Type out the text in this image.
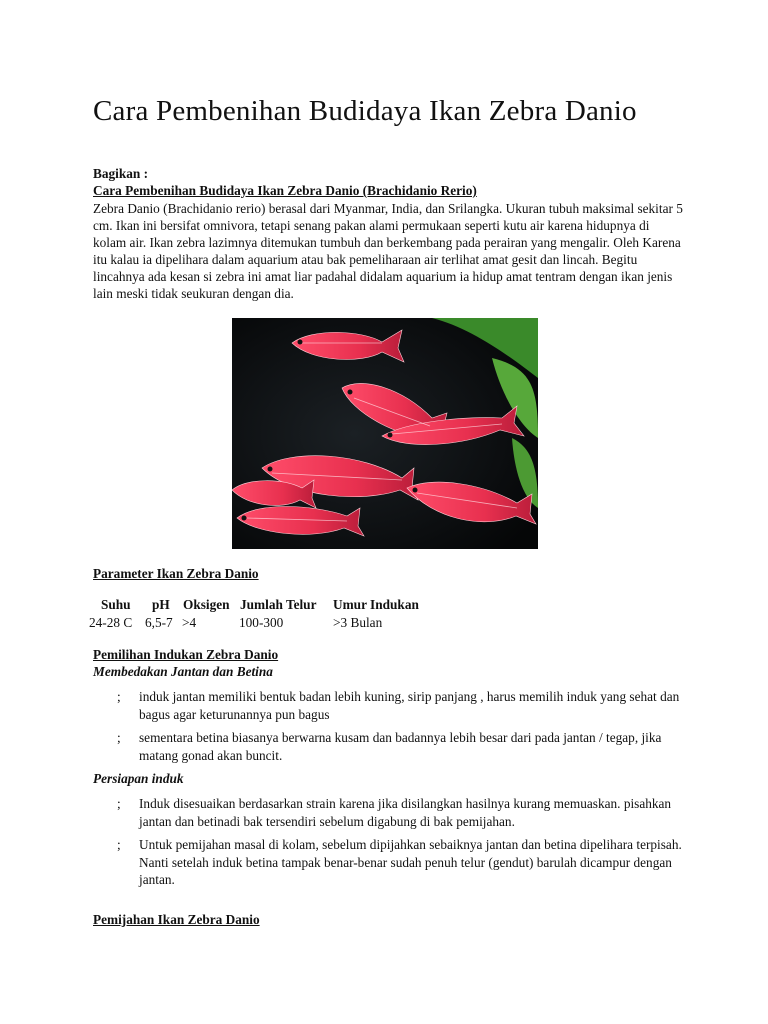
Cara Pembenihan Budidaya Ikan Zebra Danio
Bagikan :
Cara Pembenihan Budidaya Ikan Zebra Danio (Brachidanio Rerio)
Zebra Danio (Brachidanio rerio) berasal dari Myanmar, India, dan Srilangka. Ukuran tubuh maksimal sekitar 5 cm. Ikan ini bersifat omnivora, tetapi senang pakan alami permukaan seperti kutu air karena hidupnya di kolam air. Ikan zebra lazimnya ditemukan tumbuh dan berkembang pada perairan yang mengalir. Oleh Karena itu kalau ia dipelihara dalam aquarium atau bak pemeliharaan air terlihat amat gesit dan lincah. Begitu lincahnya ada kesan si zebra ini amat liar padahal didalam aquarium ia hidup amat tentram dengan ikan jenis lain meski tidak seukuran dengan dia.
Parameter Ikan Zebra Danio
Suhu pH Oksigen Jumlah Telur Umur Indukan
24-28 C 6,5-7 >4	100-300	>3 Bulan
Pemilihan Indukan Zebra Danio
Membedakan Jantan dan Betina
; induk jantan memiliki bentuk badan lebih kuning, sirip panjang , harus memilih induk yang sehat dan bagus agar keturunannya pun bagus
; sementara betina biasanya berwarna kusam dan badannya lebih besar dari pada jantan / tegap, jika matang gonad akan buncit.
Persiapan induk
; Induk disesuaikan berdasarkan strain karena jika disilangkan hasilnya kurang memuaskan. pisahkan jantan dan betinadi bak tersendiri sebelum digabung di bak pemijahan.
; Untuk pemijahan masal di kolam, sebelum dipijahkan sebaiknya jantan dan betina dipelihara terpisah. Nanti setelah induk betina tampak benar-benar sudah penuh telur (gendut) barulah dicampur dengan jantan.
Pemijahan Ikan Zebra Danio
